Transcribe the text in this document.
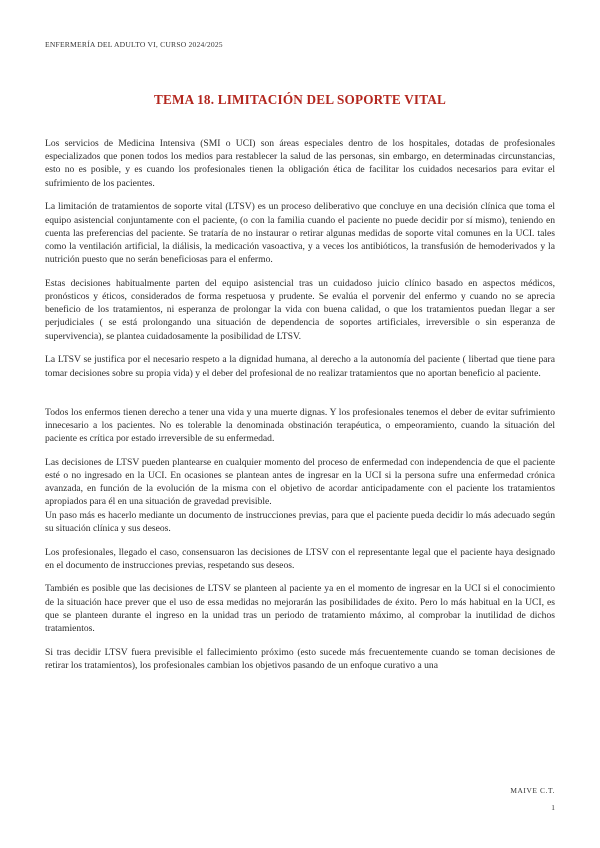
ENFERMERÍA DEL ADULTO VI, CURSO 2024/2025
TEMA 18. LIMITACIÓN DEL SOPORTE VITAL

Los servicios de Medicina Intensiva (SMI o UCI) son áreas especiales dentro de los hospitales, dotadas de profesionales especializados que ponen todos los medios para restablecer la salud de las personas, sin embargo, en determinadas circunstancias, esto no es posible, y es cuando los profesionales tienen la obligación ética de facilitar los cuidados necesarios para evitar el sufrimiento de los pacientes.

La limitación de tratamientos de soporte vital (LTSV) es un proceso deliberativo que concluye en una decisión clínica que toma el equipo asistencial conjuntamente con el paciente, (o con la familia cuando el paciente no puede decidir por sí mismo), teniendo en cuenta las preferencias del paciente. Se trataría de no instaurar o retirar algunas medidas de soporte vital comunes en la UCI. tales como la ventilación artificial, la diálisis, la medicación vasoactiva, y a veces los antibióticos, la transfusión de hemoderivados y la nutrición puesto que no serán beneficiosas para el enfermo.

Estas decisiones habitualmente parten del equipo asistencial tras un cuidadoso juicio clínico basado en aspectos médicos, pronósticos y éticos, considerados de forma respetuosa y prudente. Se evalúa el porvenir del enfermo y cuando no se aprecia beneficio de los tratamientos, ni esperanza de prolongar la vida con buena calidad, o que los tratamientos puedan llegar a ser perjudiciales ( se está prolongando una situación de dependencia de soportes artificiales, irreversible o sin esperanza de supervivencia), se plantea cuidadosamente la posibilidad de LTSV.

La LTSV se justifica por el necesario respeto a la dignidad humana, al derecho a la autonomía del paciente ( libertad que tiene para tomar decisiones sobre su propia vida) y el deber del profesional de no realizar tratamientos que no aportan beneficio al paciente.

Todos los enfermos tienen derecho a tener una vida y una muerte dignas. Y los profesionales tenemos el deber de evitar sufrimiento innecesario a los pacientes. No es tolerable la denominada obstinación terapéutica, o empeoramiento, cuando la situación del paciente es crítica por estado irreversible de su enfermedad.

Las decisiones de LTSV pueden plantearse en cualquier momento del proceso de enfermedad con independencia de que el paciente esté o no ingresado en la UCI. En ocasiones se plantean antes de ingresar en la UCI si la persona sufre una enfermedad crónica avanzada, en función de la evolución de la misma con el objetivo de acordar anticipadamente con el paciente los tratamientos apropiados para él en una situación de gravedad previsible.

Un paso más es hacerlo mediante un documento de instrucciones previas, para que el paciente pueda decidir lo más adecuado según su situación clínica y sus deseos.

Los profesionales, llegado el caso, consensuaron las decisiones de LTSV con el representante legal que el paciente haya designado en el documento de instrucciones previas, respetando sus deseos.

También es posible que las decisiones de LTSV se planteen al paciente ya en el momento de ingresar en la UCI si el conocimiento de la situación hace prever que el uso de essa medidas no mejorarán las posibilidades de éxito. Pero lo más habitual en la UCI, es que se planteen durante el ingreso en la unidad tras un periodo de tratamiento máximo, al comprobar la inutilidad de dichos tratamientos.

Si tras decidir LTSV fuera previsible el fallecimiento próximo (esto sucede más frecuentemente cuando se toman decisiones de retirar los tratamientos), los profesionales cambian los objetivos pasando de un enfoque curativo a una

MAIVE C.T.
1
